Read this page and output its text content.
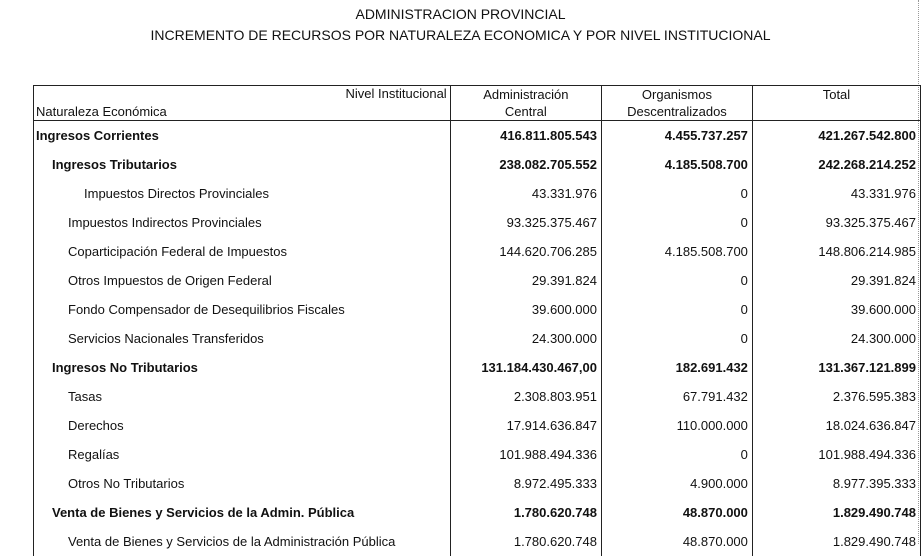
ADMINISTRACION PROVINCIAL
INCREMENTO DE RECURSOS POR NATURALEZA ECONOMICA Y POR NIVEL INSTITUCIONAL
Nivel Institucional
Naturaleza Económica

Administración
Central

Organismos
Descentralizados

Total

Ingresos Corrientes	416.811.805.543	4.455.737.257	421.267.542.800
Ingresos Tributarios	238.082.705.552	4.185.508.700	242.268.214.252
Impuestos Directos Provinciales	43.331.976	0	43.331.976
Impuestos Indirectos Provinciales	93.325.375.467	0	93.325.375.467
Coparticipación Federal de Impuestos	144.620.706.285	4.185.508.700	148.806.214.985
Otros Impuestos de Origen Federal	29.391.824	0	29.391.824
Fondo Compensador de Desequilibrios Fiscales	39.600.000	0	39.600.000
Servicios Nacionales Transferidos	24.300.000	0	24.300.000
Ingresos No Tributarios	131.184.430.467,00	182.691.432	131.367.121.899
Tasas	2.308.803.951	67.791.432	2.376.595.383
Derechos	17.914.636.847	110.000.000	18.024.636.847
Regalías	101.988.494.336	0	101.988.494.336
Otros No Tributarios	8.972.495.333	4.900.000	8.977.395.333
Venta de Bienes y Servicios de la Admin. Pública	1.780.620.748	48.870.000	1.829.490.748
Venta de Bienes y Servicios de la Administración Pública	1.780.620.748	48.870.000	1.829.490.748
